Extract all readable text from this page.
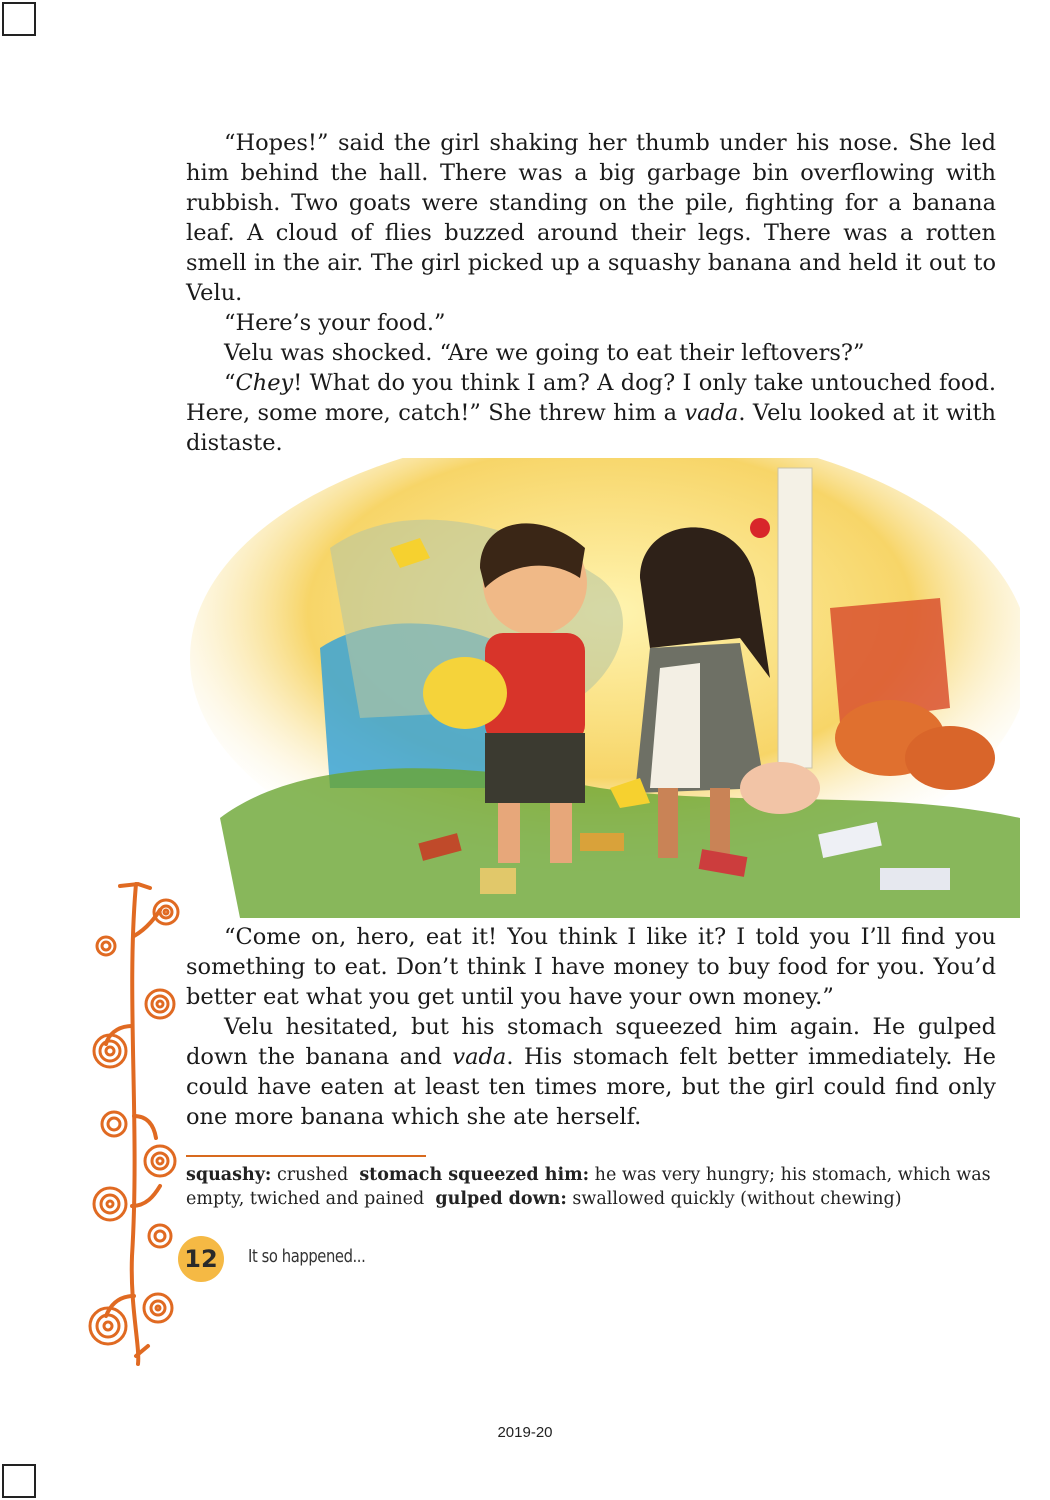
“Hopes!” said the girl shaking her thumb under his nose. She led him behind the hall. There was a big garbage bin overflowing with rubbish. Two goats were standing on the pile, fighting for a banana leaf. A cloud of flies buzzed around their legs. There was a rotten smell in the air. The girl picked up a squashy banana and held it out to Velu.

“Here’s your food.”

Velu was shocked. “Are we going to eat their leftovers?”

“Chey! What do you think I am? A dog? I only take untouched food. Here, some more, catch!” She threw him a vada. Velu looked at it with distaste.

“Come on, hero, eat it! You think I like it? I told you I’ll find you something to eat. Don’t think I have money to buy food for you. You’d better eat what you get until you have your own money.”

Velu hesitated, but his stomach squeezed him again. He gulped down the banana and vada. His stomach felt better immediately. He could have eaten at least ten times more, but the girl could find only one more banana which she ate herself.

squashy: crushed stomach squeezed him: he was very hungry; his stomach, which was empty, twiched and pained gulped down: swallowed quickly (without chewing)
12 It so happened...
2019-20
